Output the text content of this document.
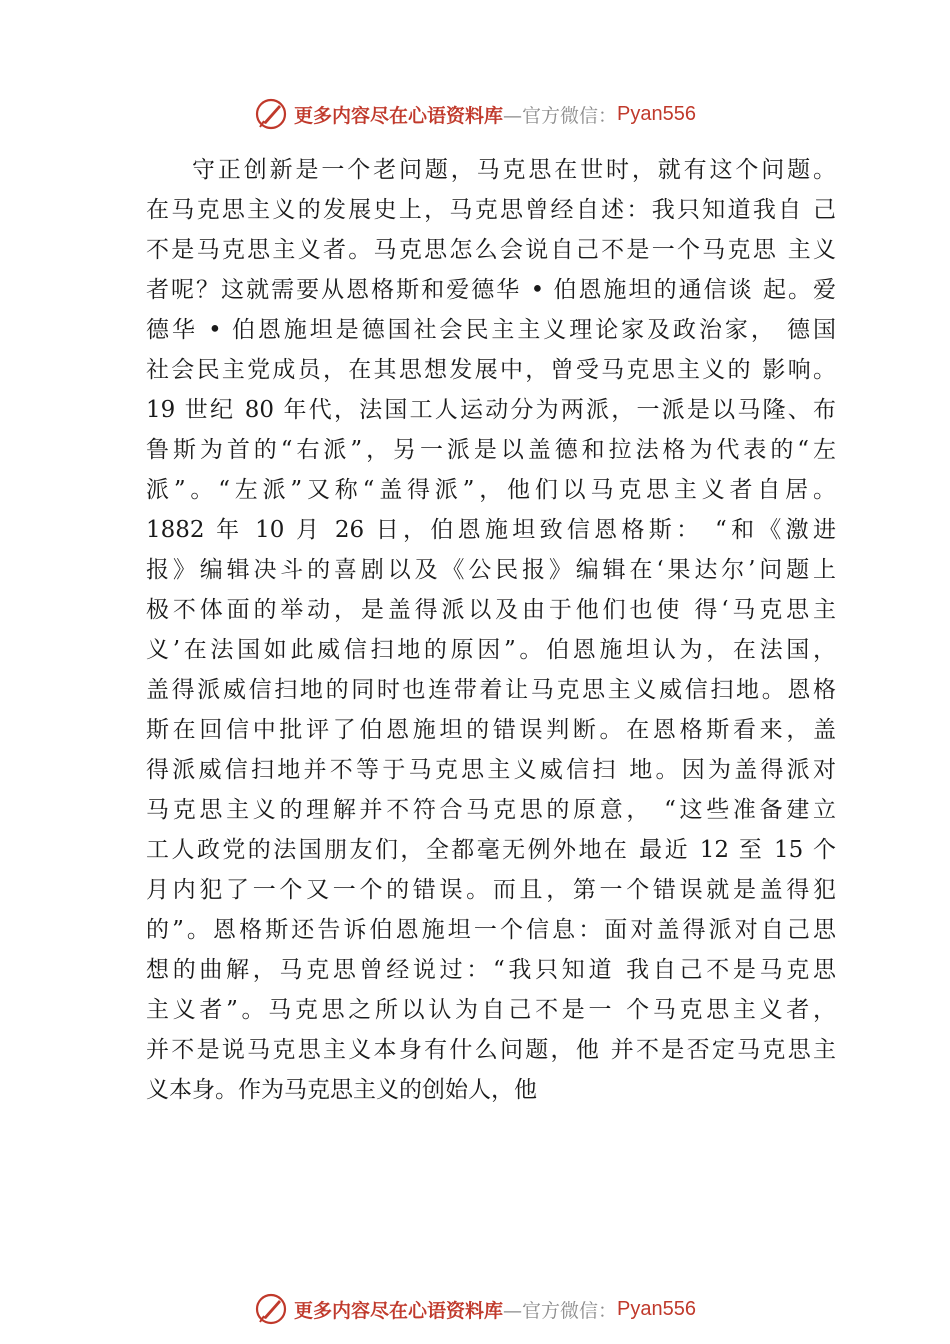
更多内容尽在心语资料库 —官方微信： Pyan556
守正创新是一个老问题，马克思在世时，就有这个问题。
在马克思主义的发展史上，马克思曾经自述：我只知道我自 己
不是马克思主义者。马克思怎么会说自己不是一个马克思 主义
者呢？这就需要从恩格斯和爱德华 • 伯恩施坦的通信谈 起。爱
德华 • 伯恩施坦是德国社会民主主义理论家及政治家， 德国
社会民主党成员，在其思想发展中，曾受马克思主义的 影响。
19 世纪 80 年代，法国工人运动分为两派，一派是以马隆、布
鲁斯为首的“右派”，另一派是以盖德和拉法格为代表的“左
派”。“左派”又称“盖得派”，他们以马克思主义者自居。
1882 年 10 月 26 日，伯恩施坦致信恩格斯： “和《激进
报》编辑决斗的喜剧以及《公民报》编辑在‘果达尔’问题上
极不体面的举动，是盖得派以及由于他们也使 得‘马克思主
义’在法国如此威信扫地的原因”。伯恩施坦认为，在法国，
盖得派威信扫地的同时也连带着让马克思主义威信扫地。恩格
斯在回信中批评了伯恩施坦的错误判断。在恩格斯看来，盖
得派威信扫地并不等于马克思主义威信扫 地。因为盖得派对
马克思主义的理解并不符合马克思的原意， “这些准备建立
工人政党的法国朋友们，全都毫无例外地在 最近 12 至 15 个
月内犯了一个又一个的错误。而且，第一个错误就是盖得犯
的”。恩格斯还告诉伯恩施坦一个信息：面对盖得派对自己思
想的曲解，马克思曾经说过：“我只知道 我自己不是马克思
主义者”。马克思之所以认为自己不是一 个马克思主义者，
并不是说马克思主义本身有什么问题，他 并不是否定马克思主
义本身。作为马克思主义的创始人，他
更多内容尽在心语资料库 —官方微信： Pyan556
